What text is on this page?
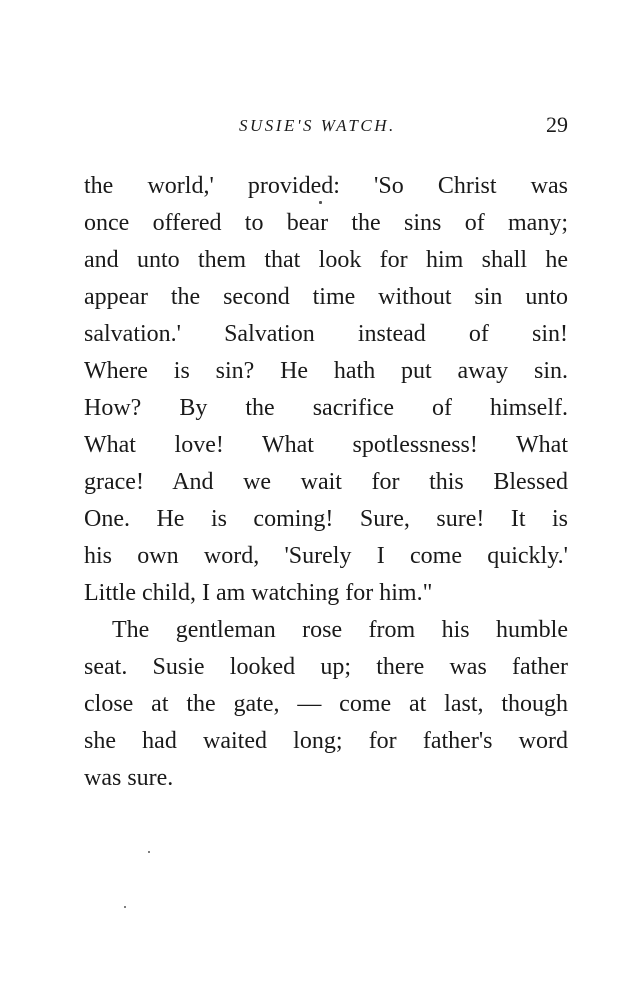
SUSIE'S WATCH.	29
the world,' provided: 'So Christ was
once offered to bear the sins of many;
and unto them that look for him shall he
appear the second time without sin unto
salvation.' Salvation instead of sin!
Where is sin? He hath put away sin.
How? By the sacrifice of himself.
What love! What spotlessness! What
grace! And we wait for this Blessed
One. He is coming! Sure, sure! It is
his own word, 'Surely I come quickly.'
Little child, I am watching for him."
The gentleman rose from his humble
seat. Susie looked up; there was father
close at the gate, — come at last, though
she had waited long; for father's word
was sure.
